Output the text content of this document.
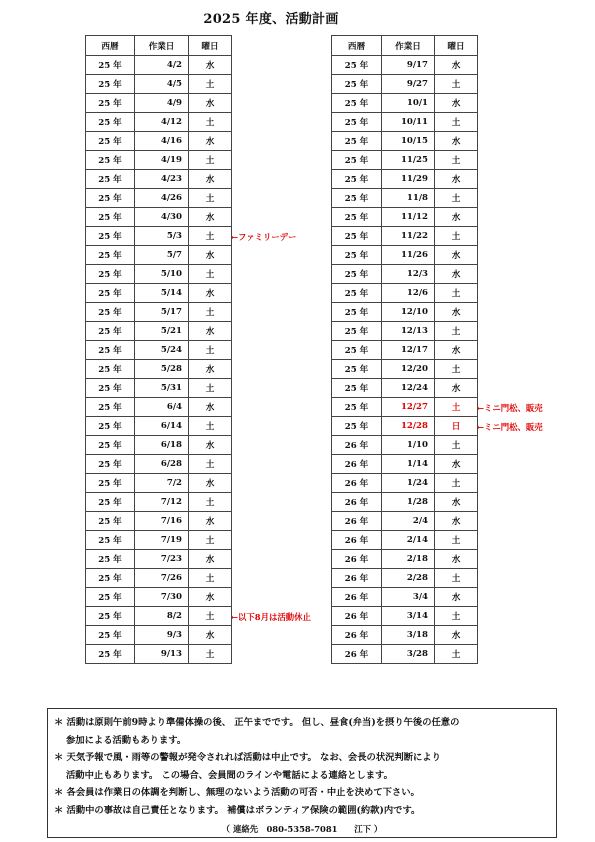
2025 年度、活動計画
西暦	作業日	曜日
25 年	4/2	水
25 年	4/5	土
25 年	4/9	水
25 年	4/12	土
25 年	4/16	水
25 年	4/19	土
25 年	4/23	水
25 年	4/26	土
25 年	4/30	水
25 年	5/3	土
25 年	5/7	水
25 年	5/10	土
25 年	5/14	水
25 年	5/17	土
25 年	5/21	水
25 年	5/24	土
25 年	5/28	水
25 年	5/31	土
25 年	6/4	水
25 年	6/14	土
25 年	6/18	水
25 年	6/28	土
25 年	7/2	水
25 年	7/12	土
25 年	7/16	水
25 年	7/19	土
25 年	7/23	水
25 年	7/26	土
25 年	7/30	水
25 年	8/2	土
25 年	9/3	水
25 年	9/13	土
西暦	作業日	曜日
25 年	9/17	水
25 年	9/27	土
25 年	10/1	水
25 年	10/11	土
25 年	10/15	水
25 年	11/25	土
25 年	11/29	水
25 年	11/8	土
25 年	11/12	水
25 年	11/22	土
25 年	11/26	水
25 年	12/3	水
25 年	12/6	土
25 年	12/10	水
25 年	12/13	土
25 年	12/17	水
25 年	12/20	土
25 年	12/24	水
25 年	12/27	土
25 年	12/28	日
26 年	1/10	土
26 年	1/14	水
26 年	1/24	土
26 年	1/28	水
26 年	2/4	水
26 年	2/14	土
26 年	2/18	水
26 年	2/28	土
26 年	3/4	水
26 年	3/14	土
26 年	3/18	水
26 年	3/28	土
←ファミリーデー
←以下8月は活動休止
←ミニ門松、販売
←ミニ門松、販売
＊ 活動は原則午前9時より準備体操の後、 正午までです。 但し、昼食(弁当)を摂り午後の任意の
参加による活動もあります。
＊ 天気予報で風・雨等の警報が発令されれば活動は中止です。 なお、会長の状況判断により
活動中止もあります。 この場合、会員間のラインや電話による連絡とします。
＊ 各会員は作業日の体調を判断し、無理のないよう活動の可否・中止を決めて下さい。
＊ 活動中の事故は自己責任となります。 補償はボランティア保険の範囲(約款)内です。
（ 連絡先　080-5358-7081　　江下 ）
